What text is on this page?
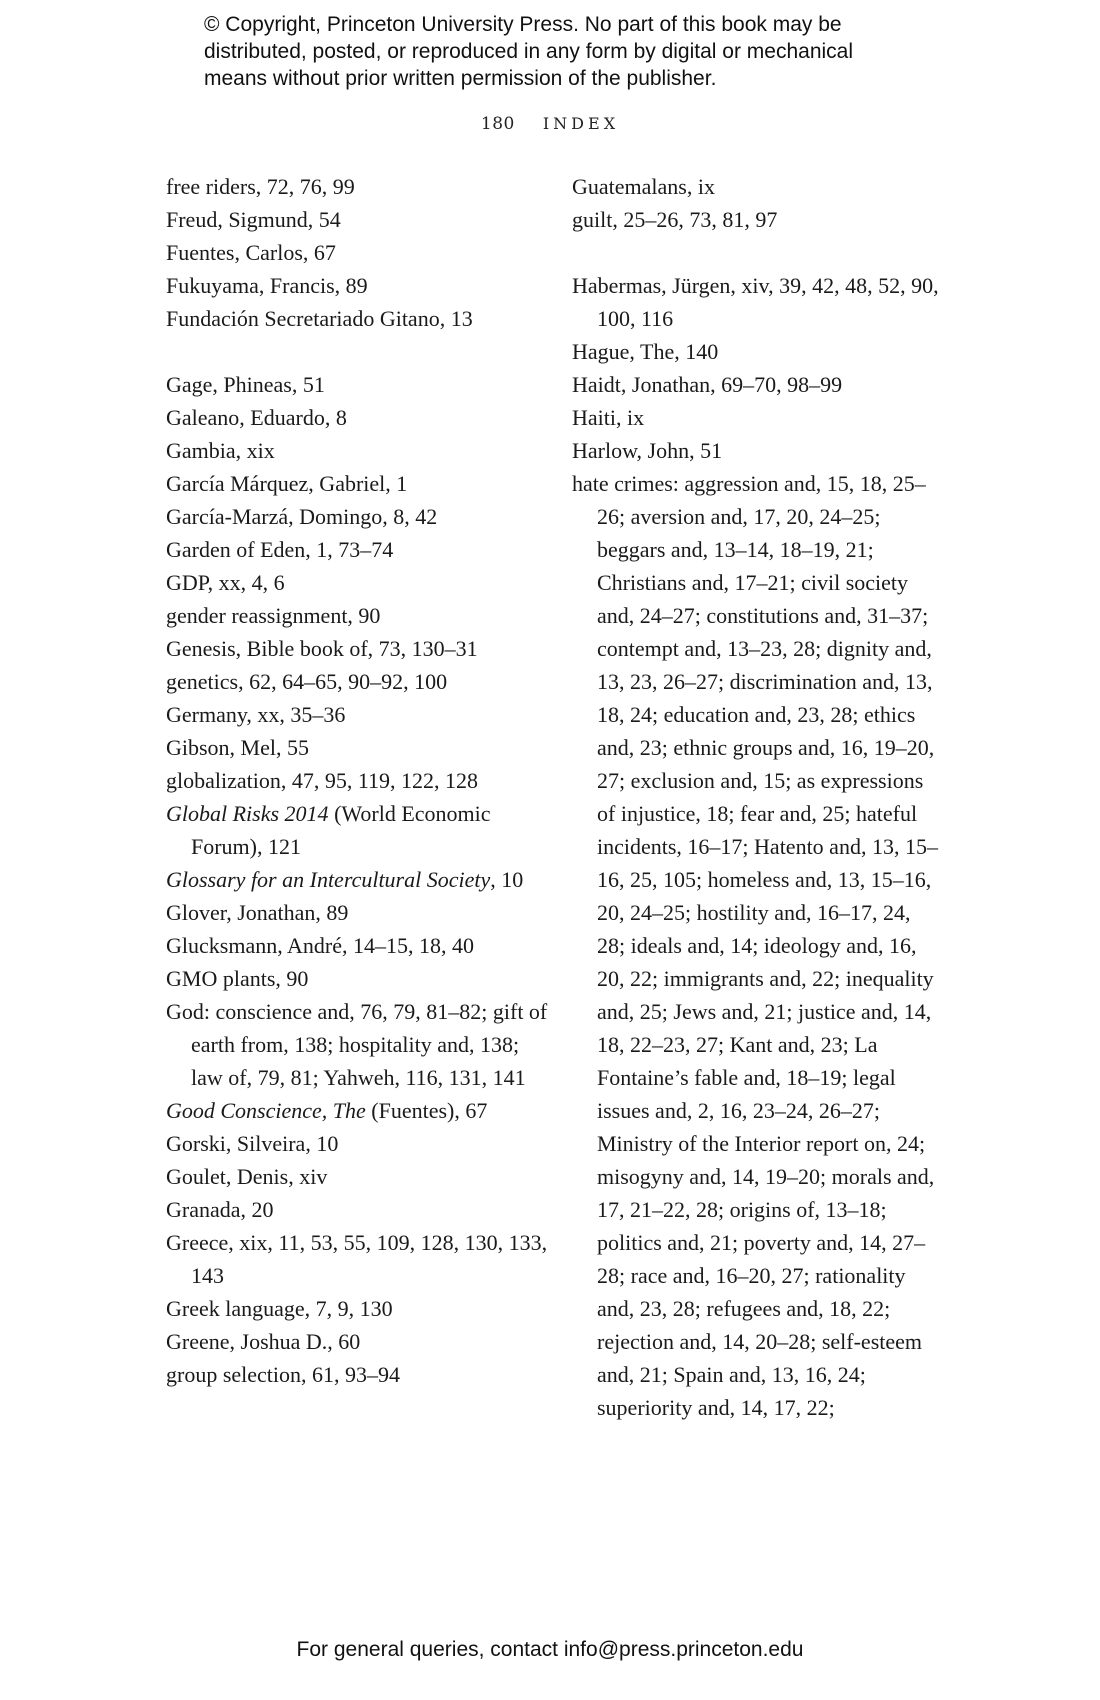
© Copyright, Princeton University Press. No part of this book may be
distributed, posted, or reproduced in any form by digital or mechanical
means without prior written permission of the publisher.
180 INDEX
free riders, 72, 76, 99
Freud, Sigmund, 54
Fuentes, Carlos, 67
Fukuyama, Francis, 89
Fundación Secretariado Gitano, 13
Gage, Phineas, 51
Galeano, Eduardo, 8
Gambia, xix
García Márquez, Gabriel, 1
García-Marzá, Domingo, 8, 42
Garden of Eden, 1, 73–74
GDP, xx, 4, 6
gender reassignment, 90
Genesis, Bible book of, 73, 130–31
genetics, 62, 64–65, 90–92, 100
Germany, xx, 35–36
Gibson, Mel, 55
globalization, 47, 95, 119, 122, 128
Global Risks 2014 (World Economic Forum), 121
Glossary for an Intercultural Society, 10
Glover, Jonathan, 89
Glucksmann, André, 14–15, 18, 40
GMO plants, 90
God: conscience and, 76, 79, 81–82; gift of earth from, 138; hospitality and, 138; law of, 79, 81; Yahweh, 116, 131, 141
Good Conscience, The (Fuentes), 67
Gorski, Silveira, 10
Goulet, Denis, xiv
Granada, 20
Greece, xix, 11, 53, 55, 109, 128, 130, 133, 143
Greek language, 7, 9, 130
Greene, Joshua D., 60
group selection, 61, 93–94
Guatemalans, ix
guilt, 25–26, 73, 81, 97
Habermas, Jürgen, xiv, 39, 42, 48, 52, 90, 100, 116
Hague, The, 140
Haidt, Jonathan, 69–70, 98–99
Haiti, ix
Harlow, John, 51
hate crimes: aggression and, 15, 18, 25–26; aversion and, 17, 20, 24–25; beggars and, 13–14, 18–19, 21; Christians and, 17–21; civil society and, 24–27; constitutions and, 31–37; contempt and, 13–23, 28; dignity and, 13, 23, 26–27; discrimination and, 13, 18, 24; education and, 23, 28; ethics and, 23; ethnic groups and, 16, 19–20, 27; exclusion and, 15; as expressions of injustice, 18; fear and, 25; hateful incidents, 16–17; Hatento and, 13, 15–16, 25, 105; homeless and, 13, 15–16, 20, 24–25; hostility and, 16–17, 24, 28; ideals and, 14; ideology and, 16, 20, 22; immigrants and, 22; inequality and, 25; Jews and, 21; justice and, 14, 18, 22–23, 27; Kant and, 23; La Fontaine’s fable and, 18–19; legal issues and, 2, 16, 23–24, 26–27; Ministry of the Interior report on, 24; misogyny and, 14, 19–20; morals and, 17, 21–22, 28; origins of, 13–18; politics and, 21; poverty and, 14, 27–28; race and, 16–20, 27; rationality and, 23, 28; refugees and, 18, 22; rejection and, 14, 20–28; self-esteem and, 21; Spain and, 13, 16, 24; superiority and, 14, 17, 22;
For general queries, contact info@press.princeton.edu
